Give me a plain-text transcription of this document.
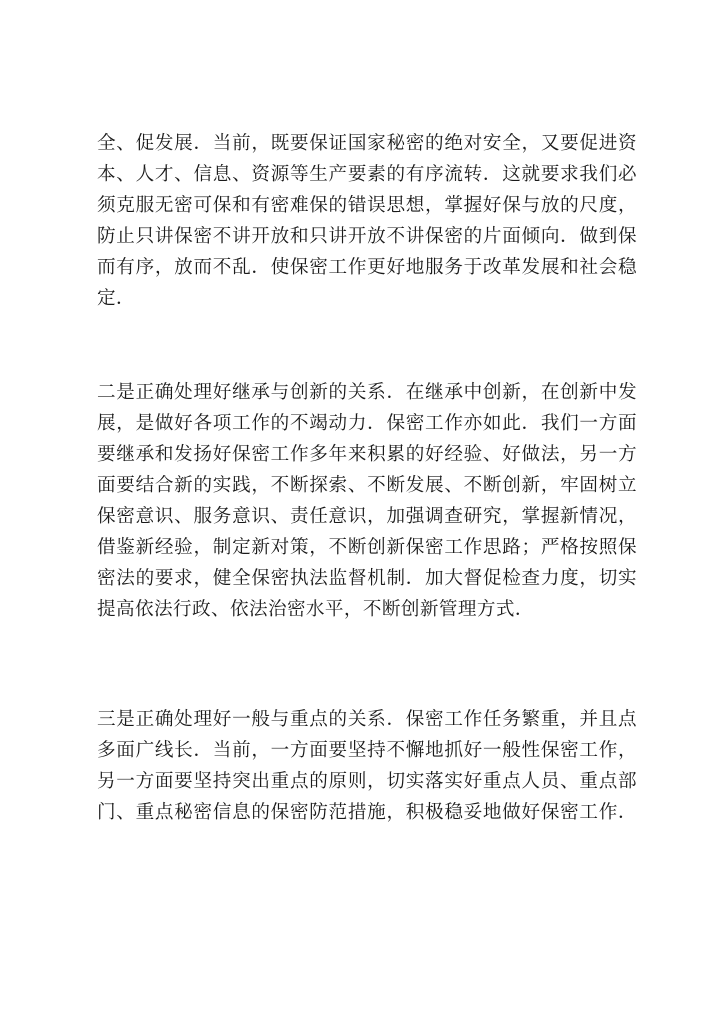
全、促发展．当前，既要保证国家秘密的绝对安全，又要促进资
本、人才、信息、资源等生产要素的有序流转．这就要求我们必
须克服无密可保和有密难保的错误思想，掌握好保与放的尺度，
防止只讲保密不讲开放和只讲开放不讲保密的片面倾向．做到保
而有序，放而不乱．使保密工作更好地服务于改革发展和社会稳
定．
二是正确处理好继承与创新的关系．在继承中创新，在创新中发
展，是做好各项工作的不竭动力．保密工作亦如此．我们一方面
要继承和发扬好保密工作多年来积累的好经验、好做法，另一方
面要结合新的实践，不断探索、不断发展、不断创新，牢固树立
保密意识、服务意识、责任意识，加强调查研究，掌握新情况，
借鉴新经验，制定新对策，不断创新保密工作思路；严格按照保
密法的要求，健全保密执法监督机制．加大督促检查力度，切实
提高依法行政、依法治密水平，不断创新管理方式．
三是正确处理好一般与重点的关系．保密工作任务繁重，并且点
多面广线长．当前，一方面要坚持不懈地抓好一般性保密工作，
另一方面要坚持突出重点的原则，切实落实好重点人员、重点部
门、重点秘密信息的保密防范措施，积极稳妥地做好保密工作．
